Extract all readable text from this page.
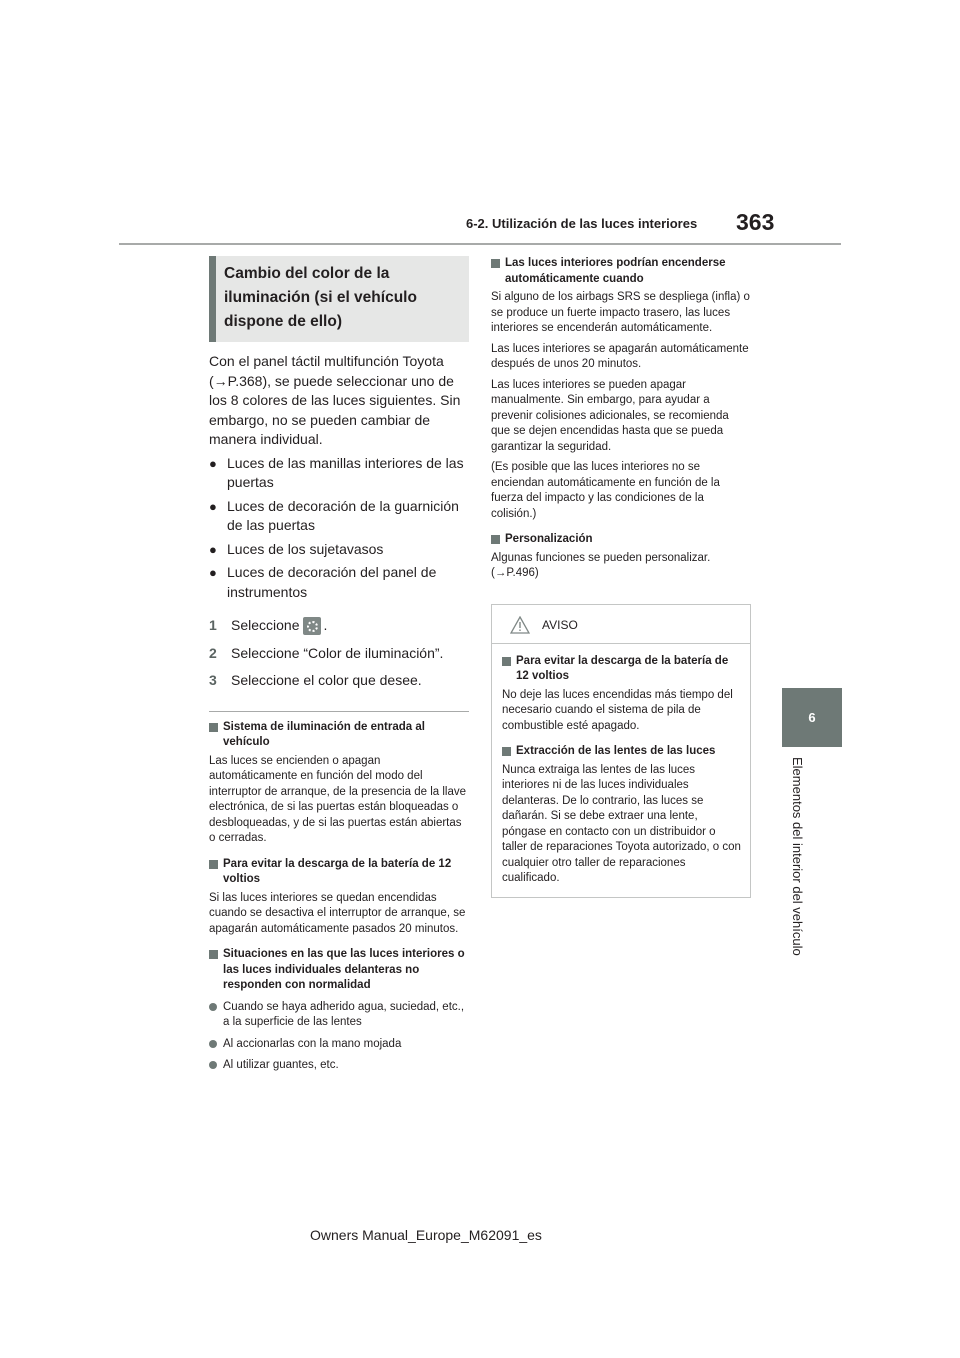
6-2. Utilización de las luces interiores 363
6
Elementos del interior del vehículo
Cambio del color de la iluminación (si el vehículo dispone de ello)

Con el panel táctil multifunción Toyota (→P.368), se puede seleccionar uno de los 8 colores de las luces siguientes. Sin embargo, no se pueden cambiar de manera individual.

● Luces de las manillas interiores de las puertas
● Luces de decoración de la guarnición de las puertas
● Luces de los sujetavasos
● Luces de decoración del panel de instrumentos
1	Seleccione .
2	Seleccione “Color de iluminación”.
3	Seleccione el color que desee.
Sistema de iluminación de entrada al vehículo
Las luces se encienden o apagan automáticamente en función del modo del interruptor de arranque, de la presencia de la llave electrónica, de si las puertas están bloqueadas o desbloqueadas, y de si las puertas están abiertas o cerradas.
Para evitar la descarga de la batería de 12 voltios
Si las luces interiores se quedan encendidas cuando se desactiva el interruptor de arranque, se apagarán automáticamente pasados 20 minutos.
Situaciones en las que las luces interiores o las luces individuales delanteras no responden con normalidad
Cuando se haya adherido agua, suciedad, etc., a la superficie de las lentes
Al accionarlas con la mano mojada
Al utilizar guantes, etc.
Las luces interiores podrían encenderse automáticamente cuando
Si alguno de los airbags SRS se despliega (infla) o se produce un fuerte impacto trasero, las luces interiores se encenderán automáticamente.
Las luces interiores se apagarán automáticamente después de unos 20 minutos.
Las luces interiores se pueden apagar manualmente. Sin embargo, para ayudar a prevenir colisiones adicionales, se recomienda que se dejen encendidas hasta que se pueda garantizar la seguridad.
(Es posible que las luces interiores no se enciendan automáticamente en función de la fuerza del impacto y las condiciones de la colisión.)
Personalización
Algunas funciones se pueden personalizar. (→P.496)
AVISO
Para evitar la descarga de la batería de 12 voltios
No deje las luces encendidas más tiempo del necesario cuando el sistema de pila de combustible esté apagado.
Extracción de las lentes de las luces
Nunca extraiga las lentes de las luces interiores ni de las luces individuales delanteras. De lo contrario, las luces se dañarán. Si se debe extraer una lente, póngase en contacto con un distribuidor o taller de reparaciones Toyota autorizado, o con cualquier otro taller de reparaciones cualificado.
Owners Manual_Europe_M62091_es
